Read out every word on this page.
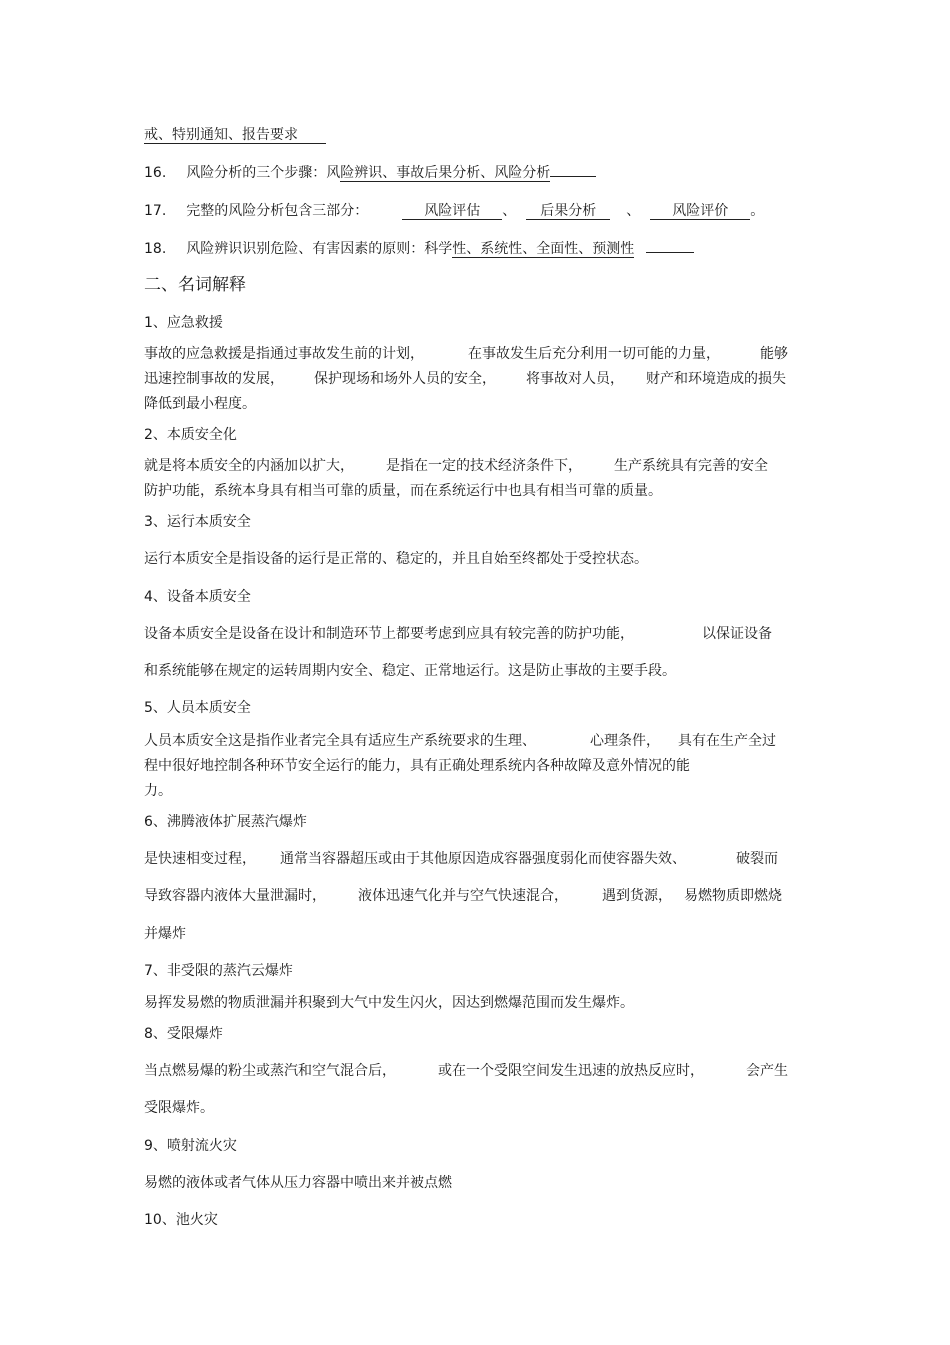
戒、特别通知、报告要求

16. 风险分析的三个步骤：风险辨识、事故后果分析、风险分析

17. 完整的风险分析包含三部分：	风险评估 、 后果分析 、 风险评价 。

18. 风险辨识识别危险、有害因素的原则：科学性、系统性、全面性、预测性

二、名词解释

1、应急救援

事故的应急救援是指通过事故发生前的计划，	在事故发生后充分利用一切可能的力量，	能够

迅速控制事故的发展， 保护现场和场外人员的安全， 将事故对人员， 财产和环境造成的损失

降低到最小程度。

2、本质安全化

就是将本质安全的内涵加以扩大， 是指在一定的技术经济条件下， 生产系统具有完善的安全

防护功能，系统本身具有相当可靠的质量，而在系统运行中也具有相当可靠的质量。

3、运行本质安全

运行本质安全是指设备的运行是正常的、稳定的，并且自始至终都处于受控状态。

4、设备本质安全

设备本质安全是设备在设计和制造环节上都要考虑到应具有较完善的防护功能，	以保证设备

和系统能够在规定的运转周期内安全、稳定、正常地运行。这是防止事故的主要手段。

5、人员本质安全

人员本质安全这是指作业者完全具有适应生产系统要求的生理、	心理条件， 具有在生产全过

程中很好地控制各种环节安全运行的能力，具有正确处理系统内各种故障及意外情况的能

力。

6、沸腾液体扩展蒸汽爆炸

是快速相变过程， 通常当容器超压或由于其他原因造成容器强度弱化而使容器失效、	破裂而

导致容器内液体大量泄漏时， 液体迅速气化并与空气快速混合， 遇到货源， 易燃物质即燃烧

并爆炸

7、非受限的蒸汽云爆炸

易挥发易燃的物质泄漏并积聚到大气中发生闪火，因达到燃爆范围而发生爆炸。

8、受限爆炸

当点燃易爆的粉尘或蒸汽和空气混合后，	或在一个受限空间发生迅速的放热反应时，	会产生

受限爆炸。

9、喷射流火灾

易燃的液体或者气体从压力容器中喷出来并被点燃

10、池火灾
